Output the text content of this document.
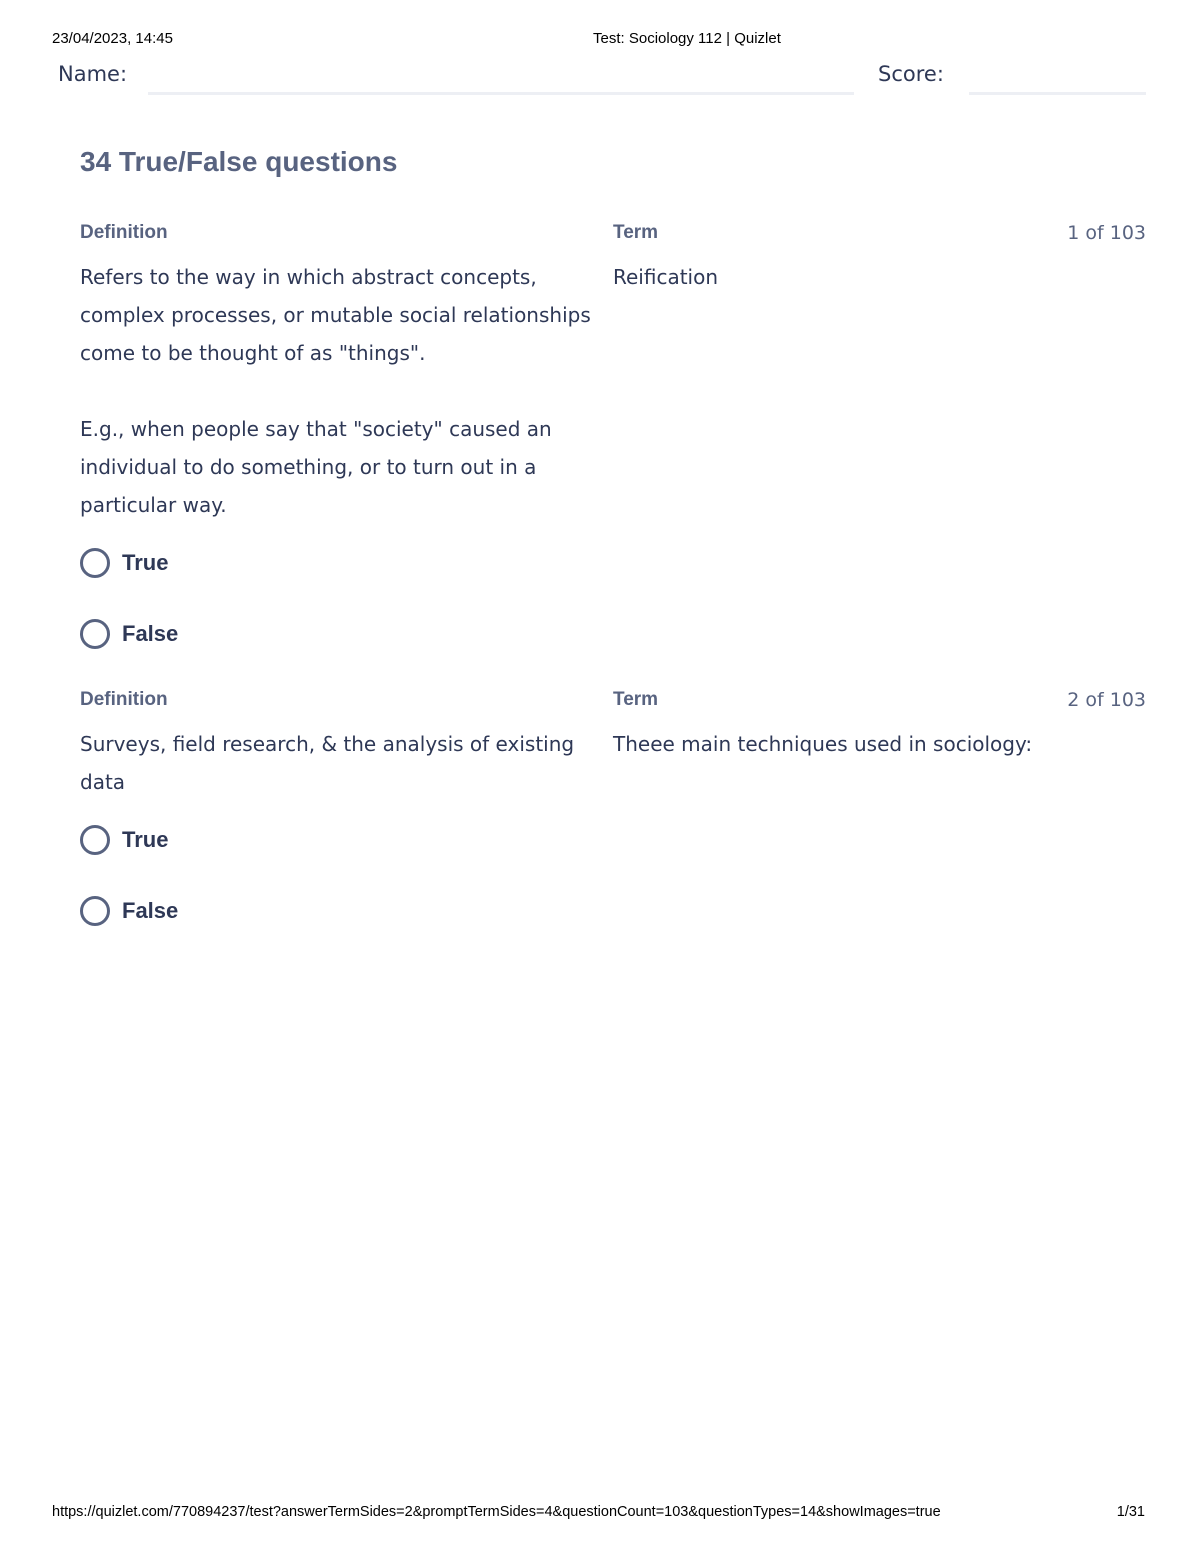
23/04/2023, 14:45	Test: Sociology 112 | Quizlet
Name:	Score:
34 True/False questions
Definition	Term	1 of 103

Refers to the way in which abstract concepts, complex processes, or mutable social relationships come to be thought of as "things".

E.g., when people say that "society" caused an individual to do something, or to turn out in a particular way.

Reification

True
False
Definition	Term	2 of 103

Surveys, field research, & the analysis of existing data

Theee main techniques used in sociology:

True
False
https://quizlet.com/770894237/test?answerTermSides=2&promptTermSides=4&questionCount=103&questionTypes=14&showImages=true	1/31
